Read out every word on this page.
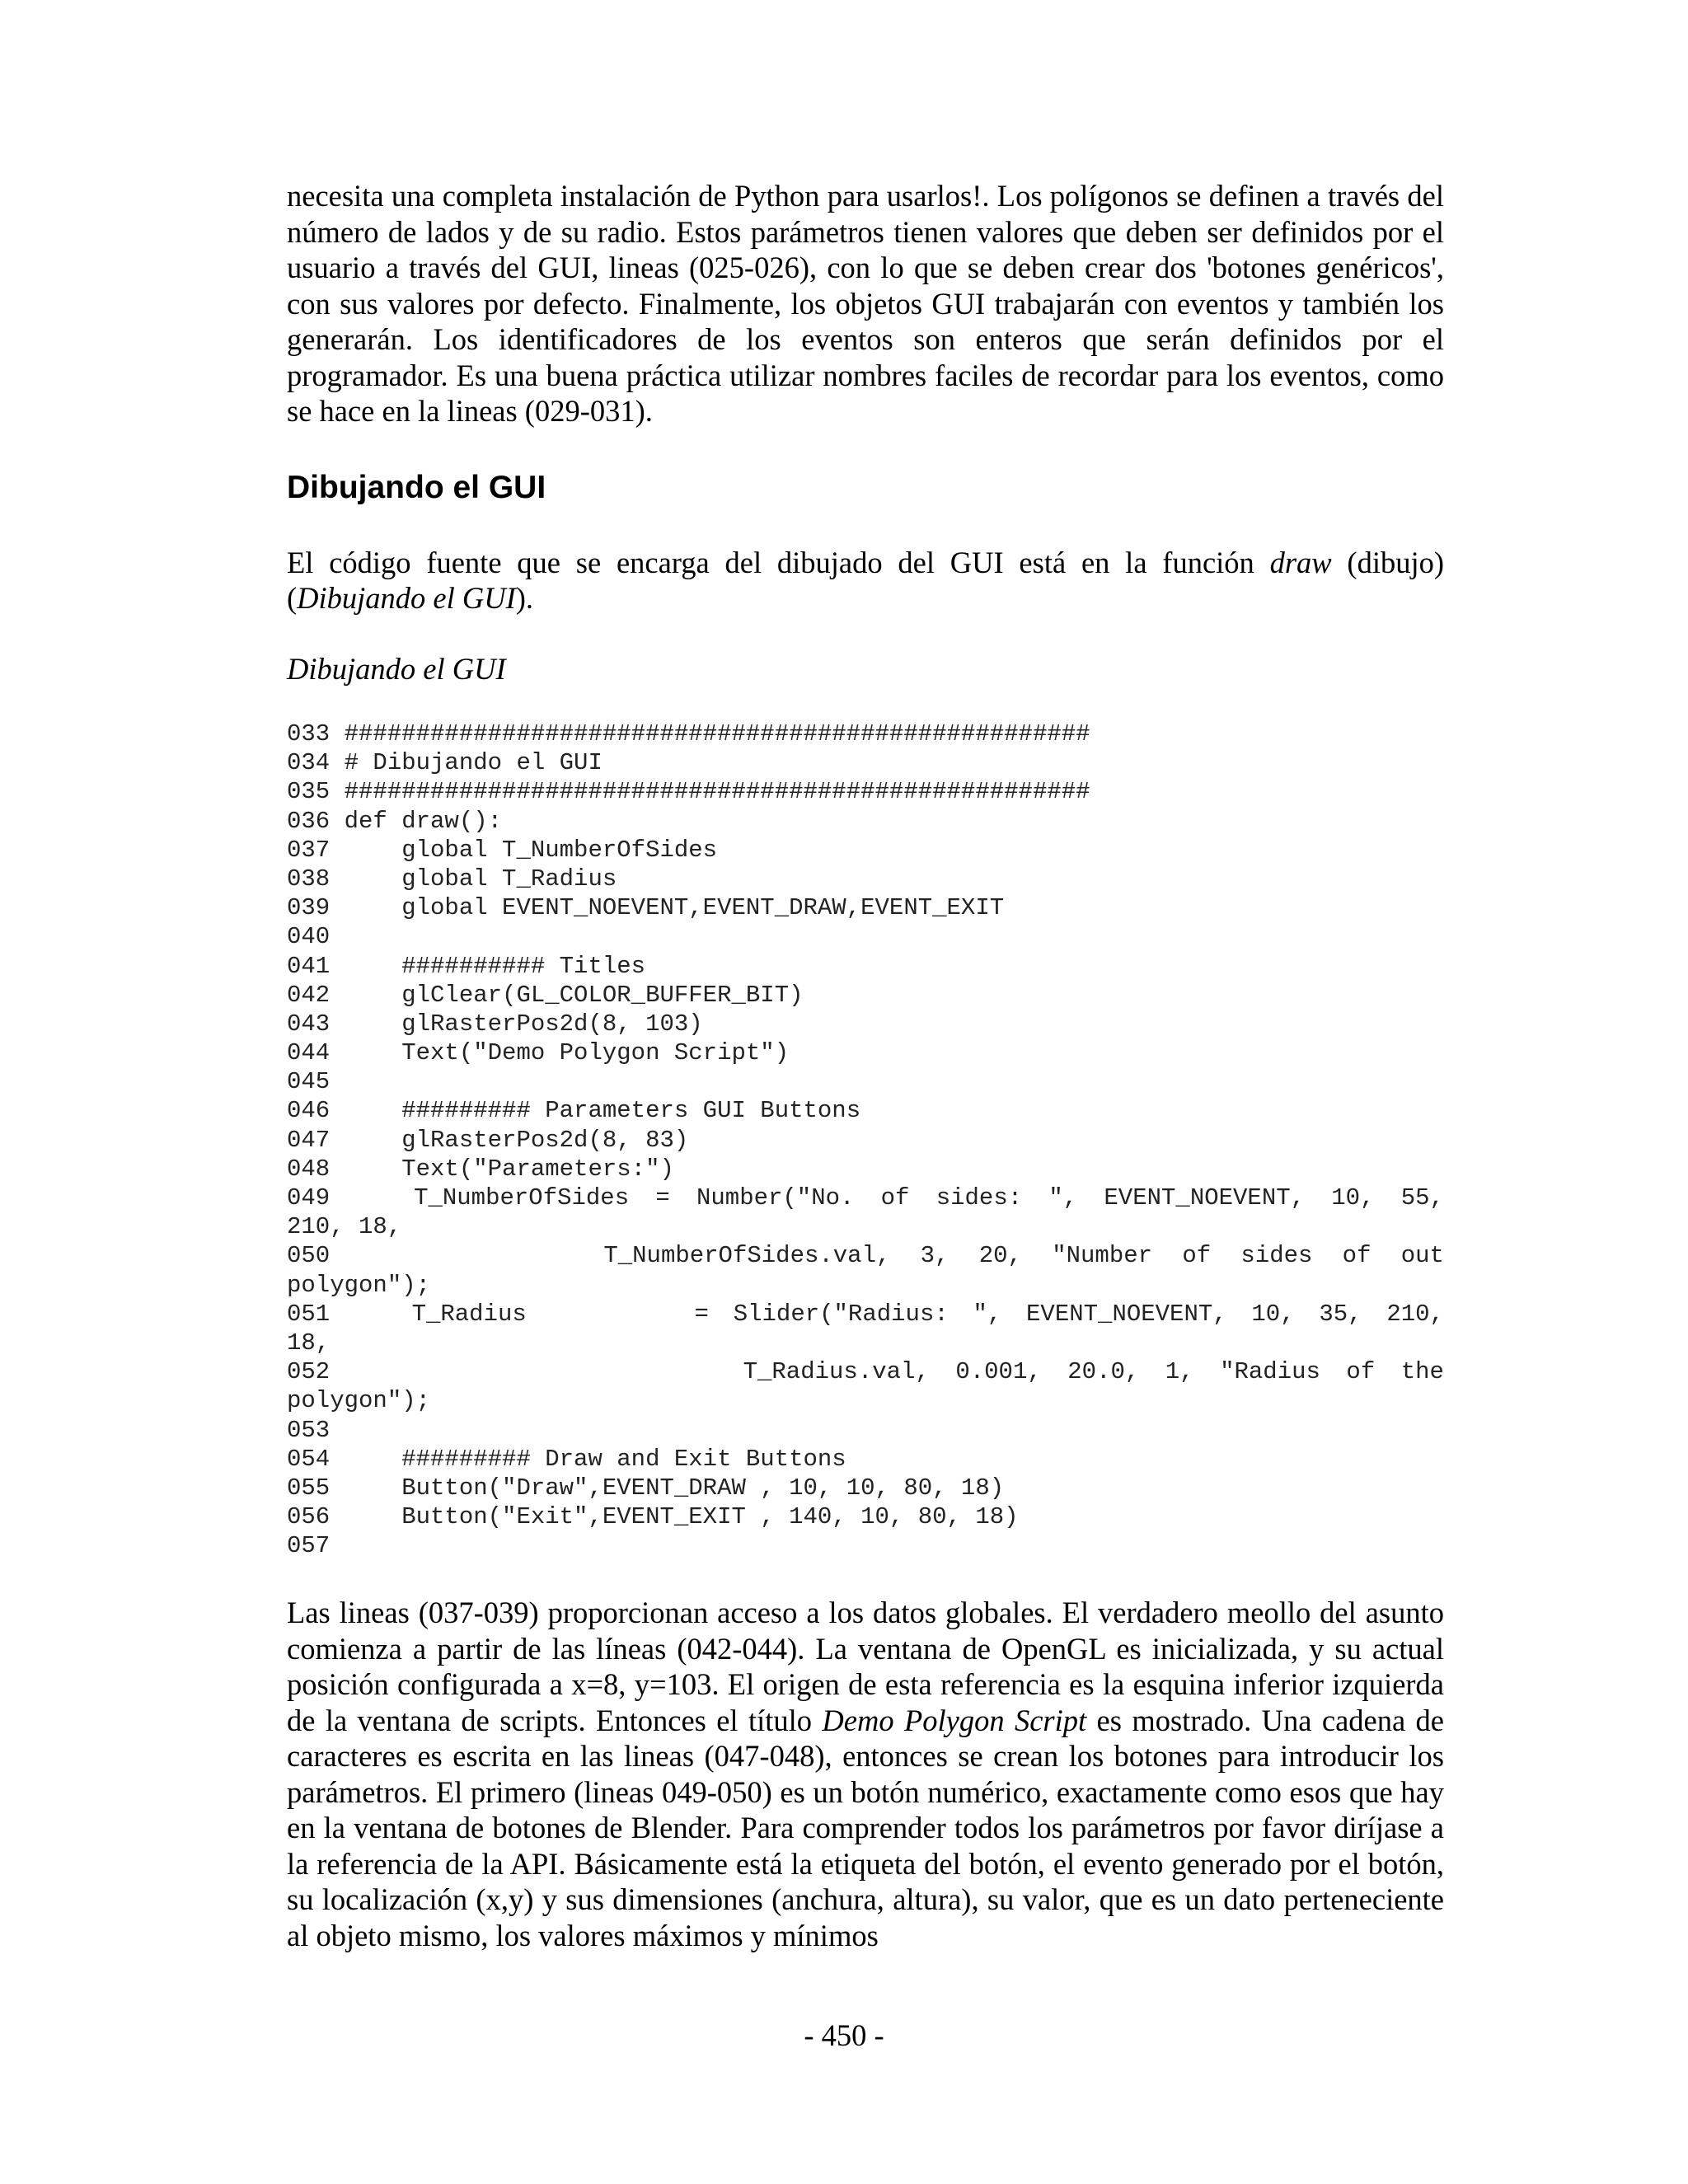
necesita una completa instalación de Python para usarlos!. Los polígonos se definen a través del número de lados y de su radio. Estos parámetros tienen valores que deben ser definidos por el usuario a través del GUI, lineas (025-026), con lo que se deben crear dos 'botones genéricos', con sus valores por defecto. Finalmente, los objetos GUI trabajarán con eventos y también los generarán. Los identificadores de los eventos son enteros que serán definidos por el programador. Es una buena práctica utilizar nombres faciles de recordar para los eventos, como se hace en la lineas (029-031).

Dibujando el GUI

El código fuente que se encarga del dibujado del GUI está en la función draw (dibujo) (Dibujando el GUI).

Dibujando el GUI

033 ####################################################
034 # Dibujando el GUI
035 ####################################################
036 def draw():
037     global T_NumberOfSides
038     global T_Radius
039     global EVENT_NOEVENT,EVENT_DRAW,EVENT_EXIT
040
041     ########## Titles
042     glClear(GL_COLOR_BUFFER_BIT)
043     glRasterPos2d(8, 103)
044     Text("Demo Polygon Script")
045
046     ######### Parameters GUI Buttons
047     glRasterPos2d(8, 83)
048     Text("Parameters:")
049 T_NumberOfSides = Number("No. of sides: ", EVENT_NOEVENT, 10, 55,
210, 18,
050 T_NumberOfSides.val, 3, 20, "Number of sides of out
polygon");
051 T_Radius = Slider("Radius: ", EVENT_NOEVENT, 10, 35, 210,
18,
052 T_Radius.val, 0.001, 20.0, 1, "Radius of the
polygon");
053
054     ######### Draw and Exit Buttons
055     Button("Draw",EVENT_DRAW , 10, 10, 80, 18)
056     Button("Exit",EVENT_EXIT , 140, 10, 80, 18)
057

Las lineas (037-039) proporcionan acceso a los datos globales. El verdadero meollo del asunto comienza a partir de las líneas (042-044). La ventana de OpenGL es inicializada, y su actual posición configurada a x=8, y=103. El origen de esta referencia es la esquina inferior izquierda de la ventana de scripts. Entonces el título Demo Polygon Script es mostrado. Una cadena de caracteres es escrita en las lineas (047-048), entonces se crean los botones para introducir los parámetros. El primero (lineas 049-050) es un botón numérico, exactamente como esos que hay en la ventana de botones de Blender. Para comprender todos los parámetros por favor diríjase a la referencia de la API. Básicamente está la etiqueta del botón, el evento generado por el botón, su localización (x,y) y sus dimensiones (anchura, altura), su valor, que es un dato perteneciente al objeto mismo, los valores máximos y mínimos

- 450 -
